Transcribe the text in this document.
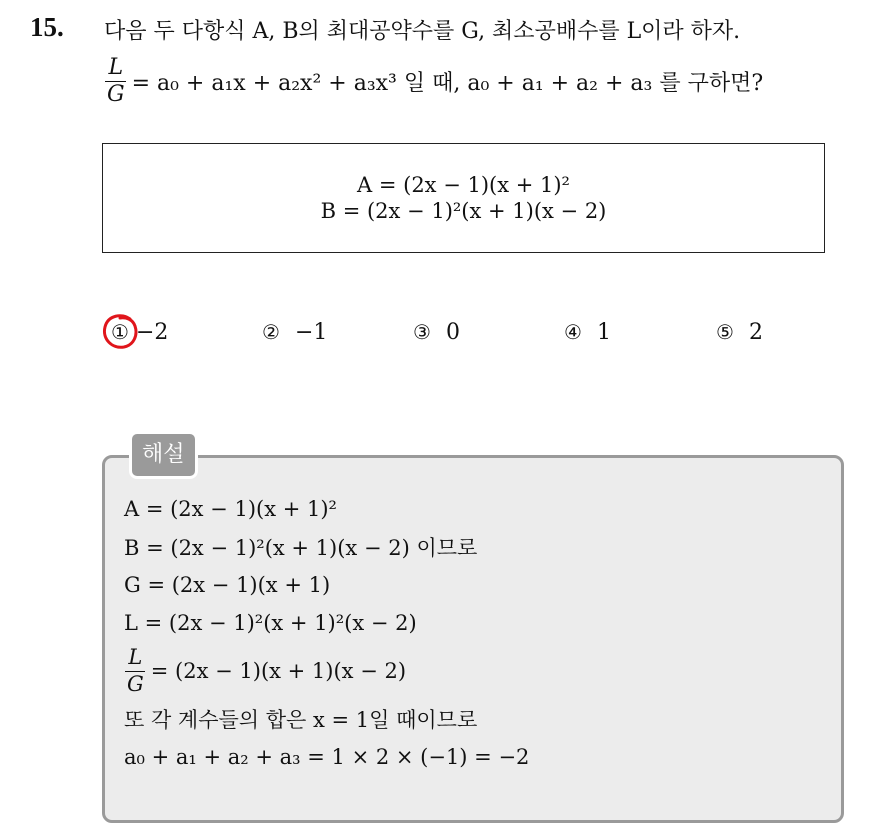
15. 다음 두 다항식 A, B의 최대공약수를 G, 최소공배수를 L이라 하자.
$\frac{L}{G} = a_0 + a_1x + a_2x^2 + a_3x^3$ 일 때, a₀ + a₁ + a₂ + a₃ 를 구하면?
A = (2x − 1)(x + 1)²
B = (2x − 1)²(x + 1)(x − 2)
① −2	② −1	③ 0	④ 1	⑤ 2
해설
A = (2x − 1)(x + 1)²
B = (2x − 1)²(x + 1)(x − 2) 이므로
G = (2x − 1)(x + 1)
L = (2x − 1)²(x + 1)²(x − 2)
$\frac{L}{G} = (2x - 1)(x + 1)(x - 2)$
또 각 계수들의 합은 x = 1일 때이므로
a₀ + a₁ + a₂ + a₃ = 1 × 2 × (−1) = −2
